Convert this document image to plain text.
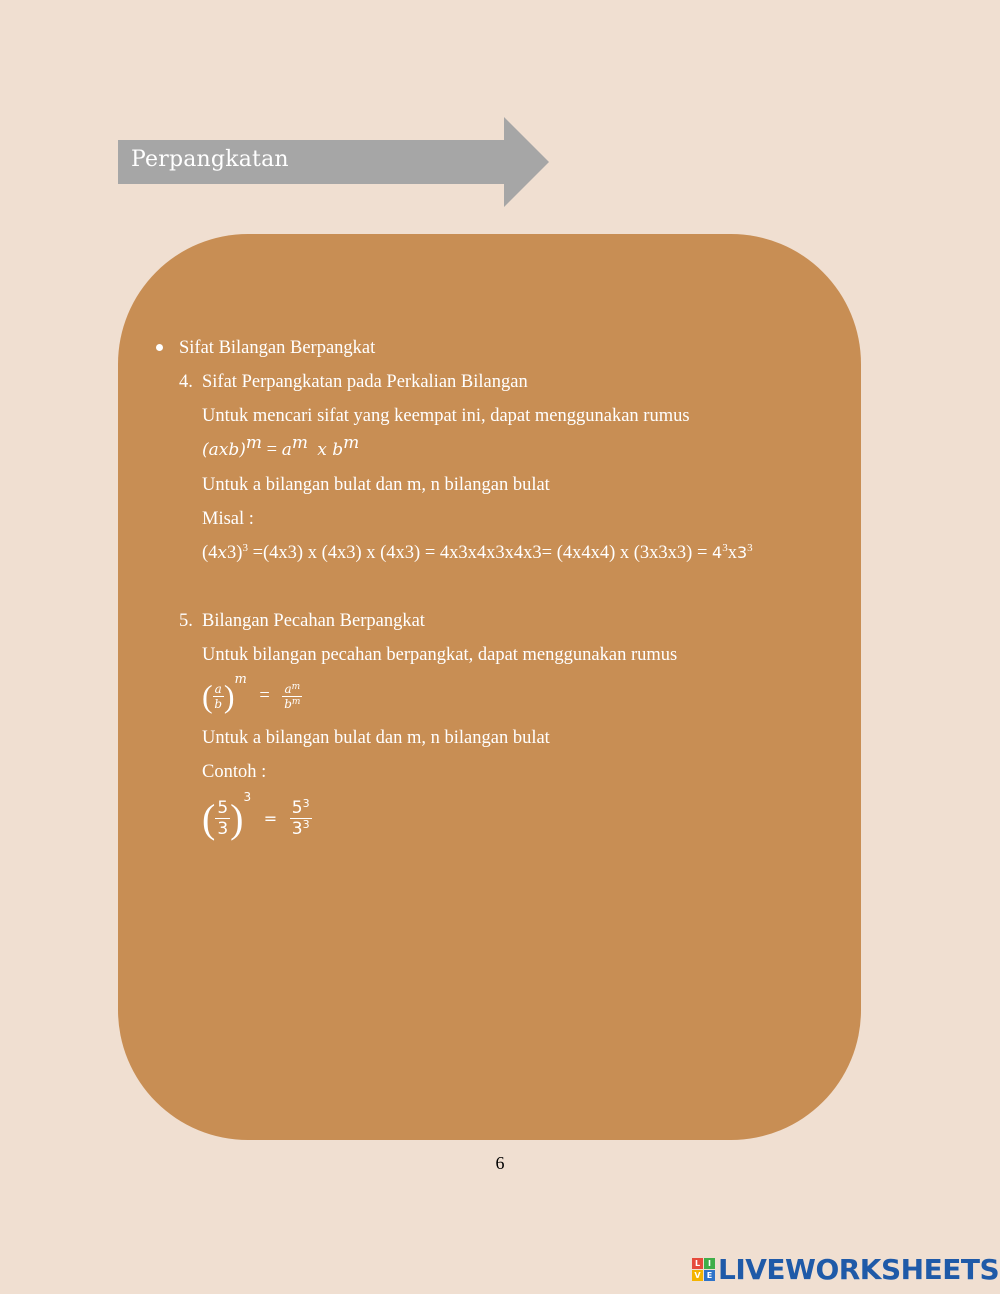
Perpangkatan
Sifat Bilangan Berpangkat
4. Sifat Perpangkatan pada Perkalian Bilangan
Untuk mencari sifat yang keempat ini, dapat menggunakan rumus
$(axb)^m = a^m$ x $b^m$
Untuk a bilangan bulat dan m, n bilangan bulat
Misal :
$(4x3)^3 =(4x3)$ x (4x3) x (4x3) = 4x3x4x3x4x3= (4x4x4) x $(3x3x3) = 4^3x3^3$
5. Bilangan Pecahan Berpangkat
Untuk bilangan pecahan berpangkat, dapat menggunakan rumus
( $\frac{a}{b} )^m = \frac{a^m}{b^m}$
Untuk a bilangan bulat dan m, n bilangan bulat
Contoh :
( $\frac{5}{3} )^3 = \frac{5^3}{3^3}$
6
L I
V E LIVEWORKSHEETS
